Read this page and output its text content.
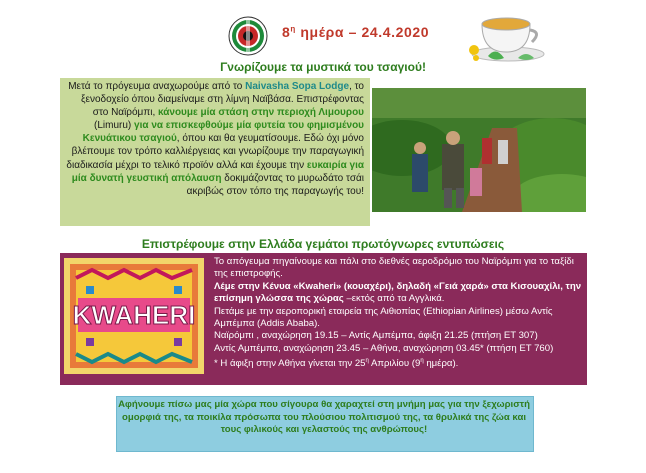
$8^\eta$ ημέρα – 24.4.2020
Γνωρίζουμε τα μυστικά του τσαγιού!
Μετά το πρόγευμα αναχωρούμε από το Naivasha Sopa Lodge, το ξενοδοχείο όπου διαμείναμε στη λίμνη Ναϊβάσα. Επιστρέφοντας στο Ναϊρόμπι, κάνουμε μία στάση στην περιοχή Λιμουρου (Limuru) για να επισκεφθούμε μία φυτεία του φημισμένου Κενυάτικου τσαγιού, όπου και θα γευματίσουμε. Εδώ όχι μόνο βλέπουμε τον τρόπο καλλιέργειας και γνωρίζουμε την παραγωγική διαδικασία μέχρι το τελικό προϊόν αλλά και έχουμε την ευκαιρία για μία δυνατή γευστική απόλαυση δοκιμάζοντας το μυρωδάτο τσάι ακριβώς στον τόπο της παραγωγής του!
Επιστρέφουμε στην Ελλάδα γεμάτοι πρωτόγνωρες εντυπώσεις
KWAHERI

Το απόγευμα πηγαίνουμε και πάλι στο διεθνές αεροδρόμιο του Ναϊρόμπι για το ταξίδι της επιστροφής.

Λέμε στην Κένυα «Kwaheri» (κουαχέρι), δηλαδή «Γειά χαρά» στα Κισουαχίλι, την επίσημη γλώσσα της χώρας –εκτός από τα Αγγλικά.

Πετάμε με την αεροπορική εταιρεία της Αιθιοπίας (Ethiopian Airlines) μέσω Αντίς Αμπέμπα (Addis Ababa).

Ναϊρόμπι , αναχώρηση 19.15 – Αντίς Αμπέμπα, άφιξη 21.25 (πτήση ET 307)

Αντίς Αμπέμπα, αναχώρηση 23.45 – Αθήνα, αναχώρηση 03.45* (πτήση ET 760)

* Η άφιξη στην Αθήνα γίνεται την $25^\eta$ Απριλίου ($9^\eta$ ημέρα).

Αφήνουμε πίσω μας μία χώρα που σίγουρα θα χαραχτεί στη μνήμη μας για την ξεχωριστή ομορφιά της, τα ποικίλα πρόσωπα του πλούσιου πολιτισμού της, τα θρυλικά της ζώα και τους φιλικούς και γελαστούς της ανθρώπους!
